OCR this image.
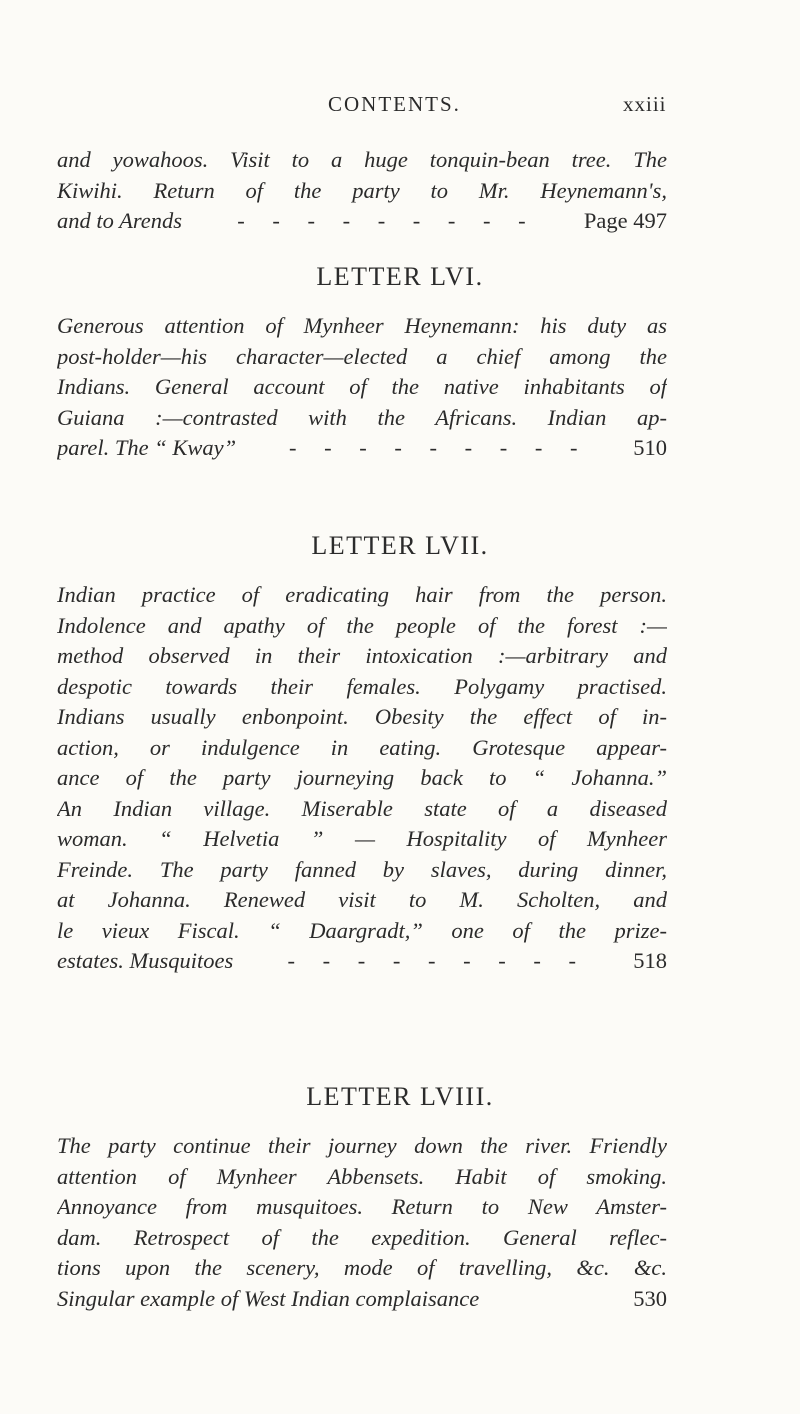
CONTENTS.	xxiii
and yowahoos. Visit to a huge tonquin-bean tree. The
Kiwihi. Return of the party to Mr. Heynemann's,
and to Arends	- - - - - - - - -	Page 497
LETTER LVI.
Generous attention of Mynheer Heynemann: his duty as
post-holder—his character—elected a chief among the
Indians. General account of the native inhabitants of
Guiana :—contrasted with the Africans. Indian ap-
parel. The “ Kway”	- - - - - - - - -	510
LETTER LVII.
Indian practice of eradicating hair from the person.
Indolence and apathy of the people of the forest :—
method observed in their intoxication :—arbitrary and
despotic towards their females. Polygamy practised.
Indians usually enbonpoint. Obesity the effect of in-
action, or indulgence in eating. Grotesque appear-
ance of the party journeying back to “ Johanna.”
An Indian village. Miserable state of a diseased
woman. “ Helvetia ” — Hospitality of Mynheer
Freinde. The party fanned by slaves, during dinner,
at Johanna. Renewed visit to M. Scholten, and
le vieux Fiscal. “ Daargradt,” one of the prize-
estates. Musquitoes	- - - - - - - - -	518
LETTER LVIII.
The party continue their journey down the river. Friendly
attention of Mynheer Abbensets. Habit of smoking.
Annoyance from musquitoes. Return to New Amster-
dam. Retrospect of the expedition. General reflec-
tions upon the scenery, mode of travelling, &c. &c.
Singular example of West Indian complaisance	530
